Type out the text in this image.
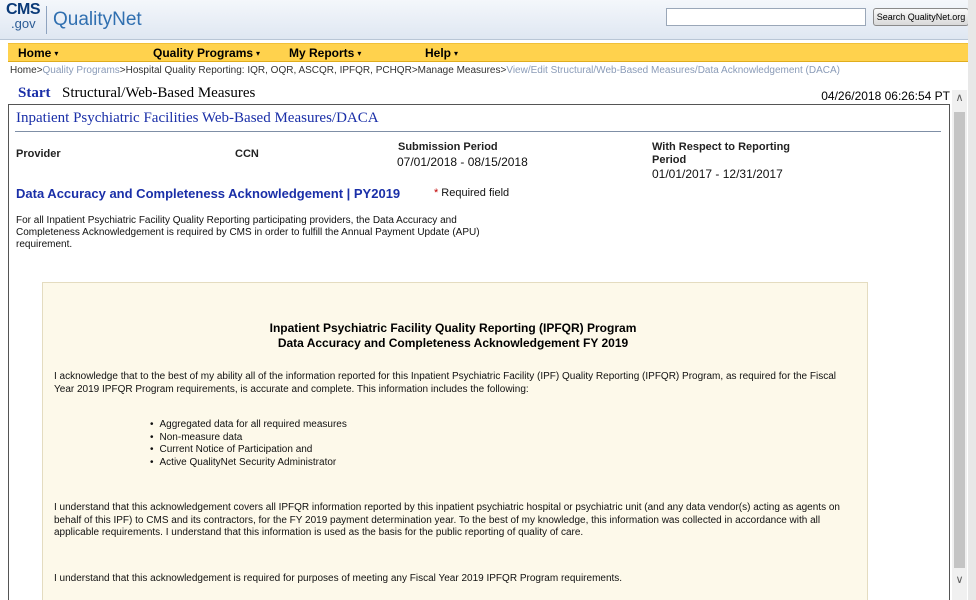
CMS
.gov QualityNet	Search QualityNet.org
Home ▾	Quality Programs ▾ My Reports ▾	Help ▾
Home>Quality Programs>Hospital Quality Reporting: IQR, OQR, ASCQR, IPFQR, PCHQR>Manage Measures>View/Edit Structural/Web-Based Measures/Data Acknowledgement (DACA)
Start Structural/Web-Based Measures	04/26/2018 06:26:54 PT
Inpatient Psychiatric Facilities Web-Based Measures/DACA
Provider	CCN
Submission Period
07/01/2018 - 08/15/2018
With Respect to Reporting
Period
01/01/2017 - 12/31/2017
Data Accuracy and Completeness Acknowledgement | PY2019	* Required field
For all Inpatient Psychiatric Facility Quality Reporting participating providers, the Data Accuracy and Completeness Acknowledgement is required by CMS in order to fulfill the Annual Payment Update (APU) requirement.
Inpatient Psychiatric Facility Quality Reporting (IPFQR) Program
Data Accuracy and Completeness Acknowledgement FY 2019
I acknowledge that to the best of my ability all of the information reported for this Inpatient Psychiatric Facility (IPF) Quality Reporting (IPFQR) Program, as required for the Fiscal Year 2019 IPFQR Program requirements, is accurate and complete. This information includes the following:
• Aggregated data for all required measures
• Non-measure data
• Current Notice of Participation and
• Active QualityNet Security Administrator
I understand that this acknowledgement covers all IPFQR information reported by this inpatient psychiatric hospital or psychiatric unit (and any data vendor(s) acting as agents on behalf of this IPF) to CMS and its contractors, for the FY 2019 payment determination year. To the best of my knowledge, this information was collected in accordance with all applicable requirements. I understand that this information is used as the basis for the public reporting of quality of care.
I understand that this acknowledgement is required for purposes of meeting any Fiscal Year 2019 IPFQR Program requirements.
∧
∨
